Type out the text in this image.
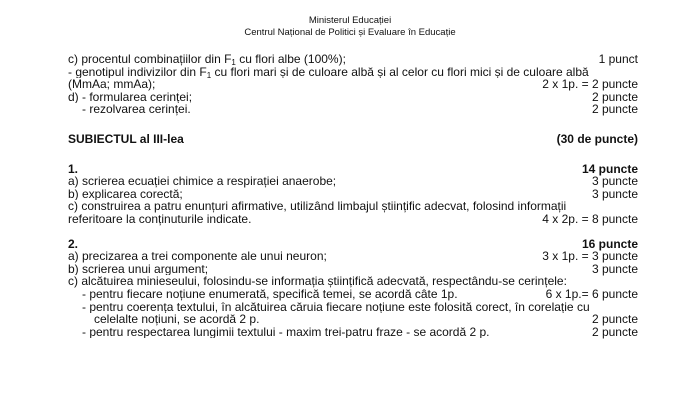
Ministerul Educației
Centrul Național de Politici și Evaluare în Educație
c) procentul combinațiilor din $F_1$ cu flori albe (100%);	1 punct
- genotipul indivizilor din $F_1$ cu flori mari și de culoare albă și al celor cu flori mici și de culoare albă
(MmAa; mmAa);	2 x 1p. = 2 puncte
d) - formularea cerinței;	2 puncte
- rezolvarea cerinței.	2 puncte
SUBIECTUL al III-lea	(30 de puncte)
1.	14 puncte
a) scrierea ecuației chimice a respirației anaerobe;	3 puncte
b) explicarea corectă;	3 puncte
c) construirea a patru enunțuri afirmative, utilizând limbajul științific adecvat, folosind informații
referitoare la conținuturile indicate.	4 x 2p. = 8 puncte
2.	16 puncte
a) precizarea a trei componente ale unui neuron;	3 x 1p. = 3 puncte
b) scrierea unui argument;	3 puncte
c) alcătuirea minieseului, folosindu-se informația științifică adecvată, respectându-se cerințele:
- pentru fiecare noțiune enumerată, specifică temei, se acordă câte 1p.	6 x 1p.= 6 puncte
- pentru coerența textului, în alcătuirea căruia fiecare noțiune este folosită corect, în corelație cu
celelalte noțiuni, se acordă 2 p.	2 puncte
- pentru respectarea lungimii textului - maxim trei-patru fraze - se acordă 2 p.	2 puncte
